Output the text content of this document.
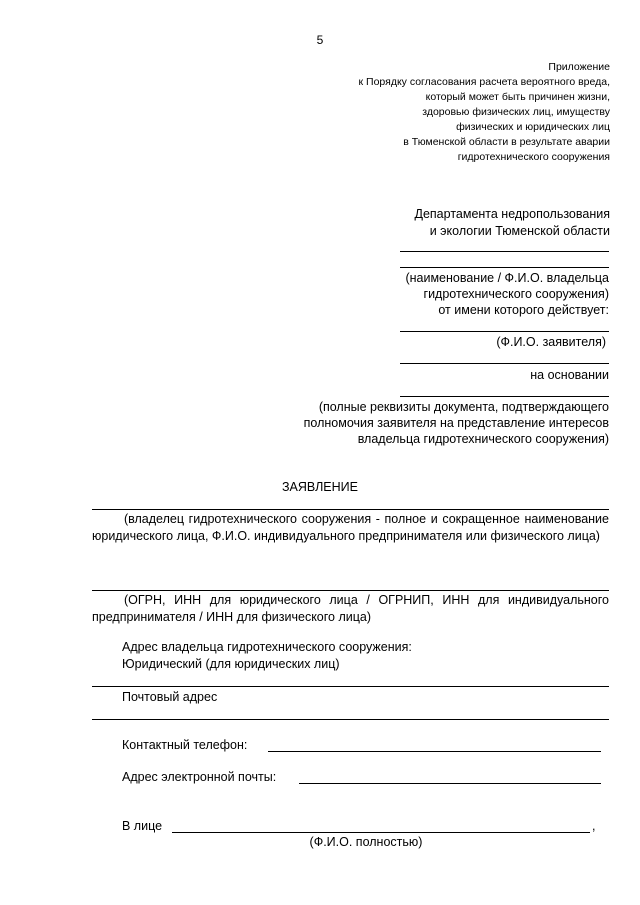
5
Приложение
к Порядку согласования расчета вероятного вреда,
который может быть причинен жизни,
здоровью физических лиц, имуществу
физических и юридических лиц
в Тюменской области в результате аварии
гидротехнического сооружения
Департамента недропользования
и экологии Тюменской области
(наименование / Ф.И.О. владельца
гидротехнического сооружения)
от имени которого действует:
(Ф.И.О. заявителя)
на основании
(полные реквизиты документа, подтверждающего
полномочия заявителя на представление интересов
владельца гидротехнического сооружения)
ЗАЯВЛЕНИЕ
(владелец гидротехнического сооружения - полное и сокращенное наименование юридического лица, Ф.И.О. индивидуального предпринимателя или физического лица)
(ОГРН, ИНН для юридического лица / ОГРНИП, ИНН для индивидуального предпринимателя / ИНН для физического лица)
Адрес владельца гидротехнического сооружения:
Юридический (для юридических лиц)
Почтовый адрес
Контактный телефон:
Адрес электронной почты:
В лице	,
(Ф.И.О. полностью)
